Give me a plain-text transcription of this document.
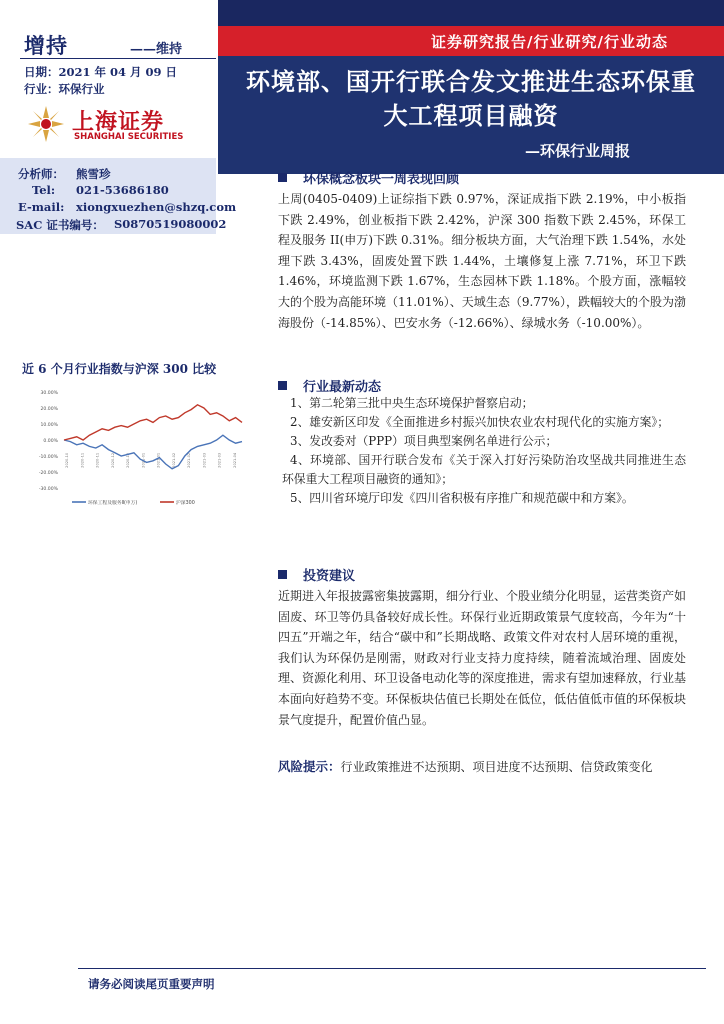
增持	——维持
日期：2021 年 04 月 09 日
行业：环保行业
上海证券
SHANGHAI SECURITIES
分析师： 熊雪珍
Tel: 021-53686180
E-mail: xiongxuezhen@shzq.com
SAC 证书编号： S0870519080002
近 6 个月行业指数与沪深 300 比较
30.00%
20.00%
10.00%
0.00%
-10.00%
-20.00%
-30.00%
2020-10	2020-11	2020-11	2020-12	2020-12	2021-01	2021-01	2021-02	2021-02	2021-03	2021-03	2021-04
环保工程及服务Ⅱ(申万)	沪深300
证券研究报告/行业研究/行业动态
环境部、国开行联合发文推进生态环保重
大工程项目融资
—环保行业周报
环保概念板块一周表现回顾
上周(0405-0409)上证综指下跌 0.97%，深证成指下跌 2.19%，中小板指下跌 2.49%，创业板指下跌 2.42%，沪深 300 指数下跌 2.45%，环保工程及服务 II(申万)下跌 0.31%。细分板块方面，大气治理下跌 1.54%，水处理下跌 3.43%，固废处置下跌 1.44%，土壤修复上涨 7.71%，环卫下跌 1.46%，环境监测下跌 1.67%，生态园林下跌 1.18%。个股方面，涨幅较大的个股为高能环境（11.01%）、天域生态（9.77%），跌幅较大的个股为渤海股份（-14.85%）、巴安水务（-12.66%）、绿城水务（-10.00%）。
行业最新动态
1、第二轮第三批中央生态环境保护督察启动；
2、雄安新区印发《全面推进乡村振兴加快农业农村现代化的实施方案》；
3、发改委对（PPP）项目典型案例名单进行公示；
4、环境部、国开行联合发布《关于深入打好污染防治攻坚战共同推进生态环保重大工程项目融资的通知》；
5、四川省环境厅印发《四川省积极有序推广和规范碳中和方案》。
投资建议
近期进入年报披露密集披露期，细分行业、个股业绩分化明显，运营类资产如固废、环卫等仍具备较好成长性。环保行业近期政策景气度较高，今年为“十四五”开端之年，结合“碳中和”长期战略、政策文件对农村人居环境的重视，我们认为环保仍是刚需，财政对行业支持力度持续，随着流域治理、固废处理、资源化利用、环卫设备电动化等的深度推进，需求有望加速释放，行业基本面向好趋势不变。环保板块估值已长期处在低位，低估值低市值的环保板块景气度提升，配置价值凸显。
风险提示：行业政策推进不达预期、项目进度不达预期、信贷政策变化
请务必阅读尾页重要声明
